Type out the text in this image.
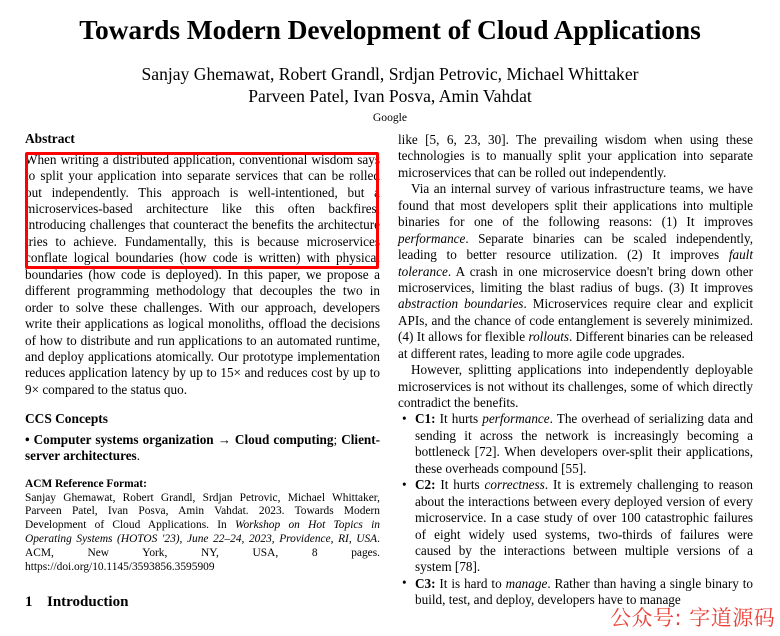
Towards Modern Development of Cloud Applications
Sanjay Ghemawat, Robert Grandl, Srdjan Petrovic, Michael Whittaker
Parveen Patel, Ivan Posva, Amin Vahdat
Google
Abstract

When writing a distributed application, conventional wisdom says to split your application into separate services that can be rolled out independently. This approach is well-intentioned, but a microservices-based architecture like this often backfires, introducing challenges that counteract the benefits the architecture tries to achieve. Fundamentally, this is because microservices conflate logical boundaries (how code is written) with physical boundaries (how code is deployed). In this paper, we propose a different programming methodology that decouples the two in order to solve these challenges. With our approach, developers write their applications as logical monoliths, offload the decisions of how to distribute and run applications to an automated runtime, and deploy applications atomically. Our prototype implementation reduces application latency by up to 15× and reduces cost by up to 9× compared to the status quo.

CCS Concepts

• Computer systems organization → Cloud computing; Client-server architectures.

ACM Reference Format:

Sanjay Ghemawat, Robert Grandl, Srdjan Petrovic, Michael Whittaker, Parveen Patel, Ivan Posva, Amin Vahdat. 2023. Towards Modern Development of Cloud Applications. In Workshop on Hot Topics in Operating Systems (HOTOS '23), June 22–24, 2023, Providence, RI, USA. ACM, New York, NY, USA, 8 pages. https://doi.org/10.1145/3593856.3595909

1 Introduction

like [5, 6, 23, 30]. The prevailing wisdom when using these technologies is to manually split your application into separate microservices that can be rolled out independently.

Via an internal survey of various infrastructure teams, we have found that most developers split their applications into multiple binaries for one of the following reasons: (1) It improves performance. Separate binaries can be scaled independently, leading to better resource utilization. (2) It improves fault tolerance. A crash in one microservice doesn't bring down other microservices, limiting the blast radius of bugs. (3) It improves abstraction boundaries. Microservices require clear and explicit APIs, and the chance of code entanglement is severely minimized. (4) It allows for flexible rollouts. Different binaries can be released at different rates, leading to more agile code upgrades.

However, splitting applications into independently deployable microservices is not without its challenges, some of which directly contradict the benefits.

• C1: It hurts performance. The overhead of serializing data and sending it across the network is increasingly becoming a bottleneck [72]. When developers over-split their applications, these overheads compound [55].
• C2: It hurts correctness. It is extremely challenging to reason about the interactions between every deployed version of every microservice. In a case study of over 100 catastrophic failures of eight widely used systems, two-thirds of failures were caused by the interactions between multiple versions of a system [78].
• C3: It is hard to manage. Rather than having a single binary to build, test, and deploy, developers have to manage
公众号: 字道源码
